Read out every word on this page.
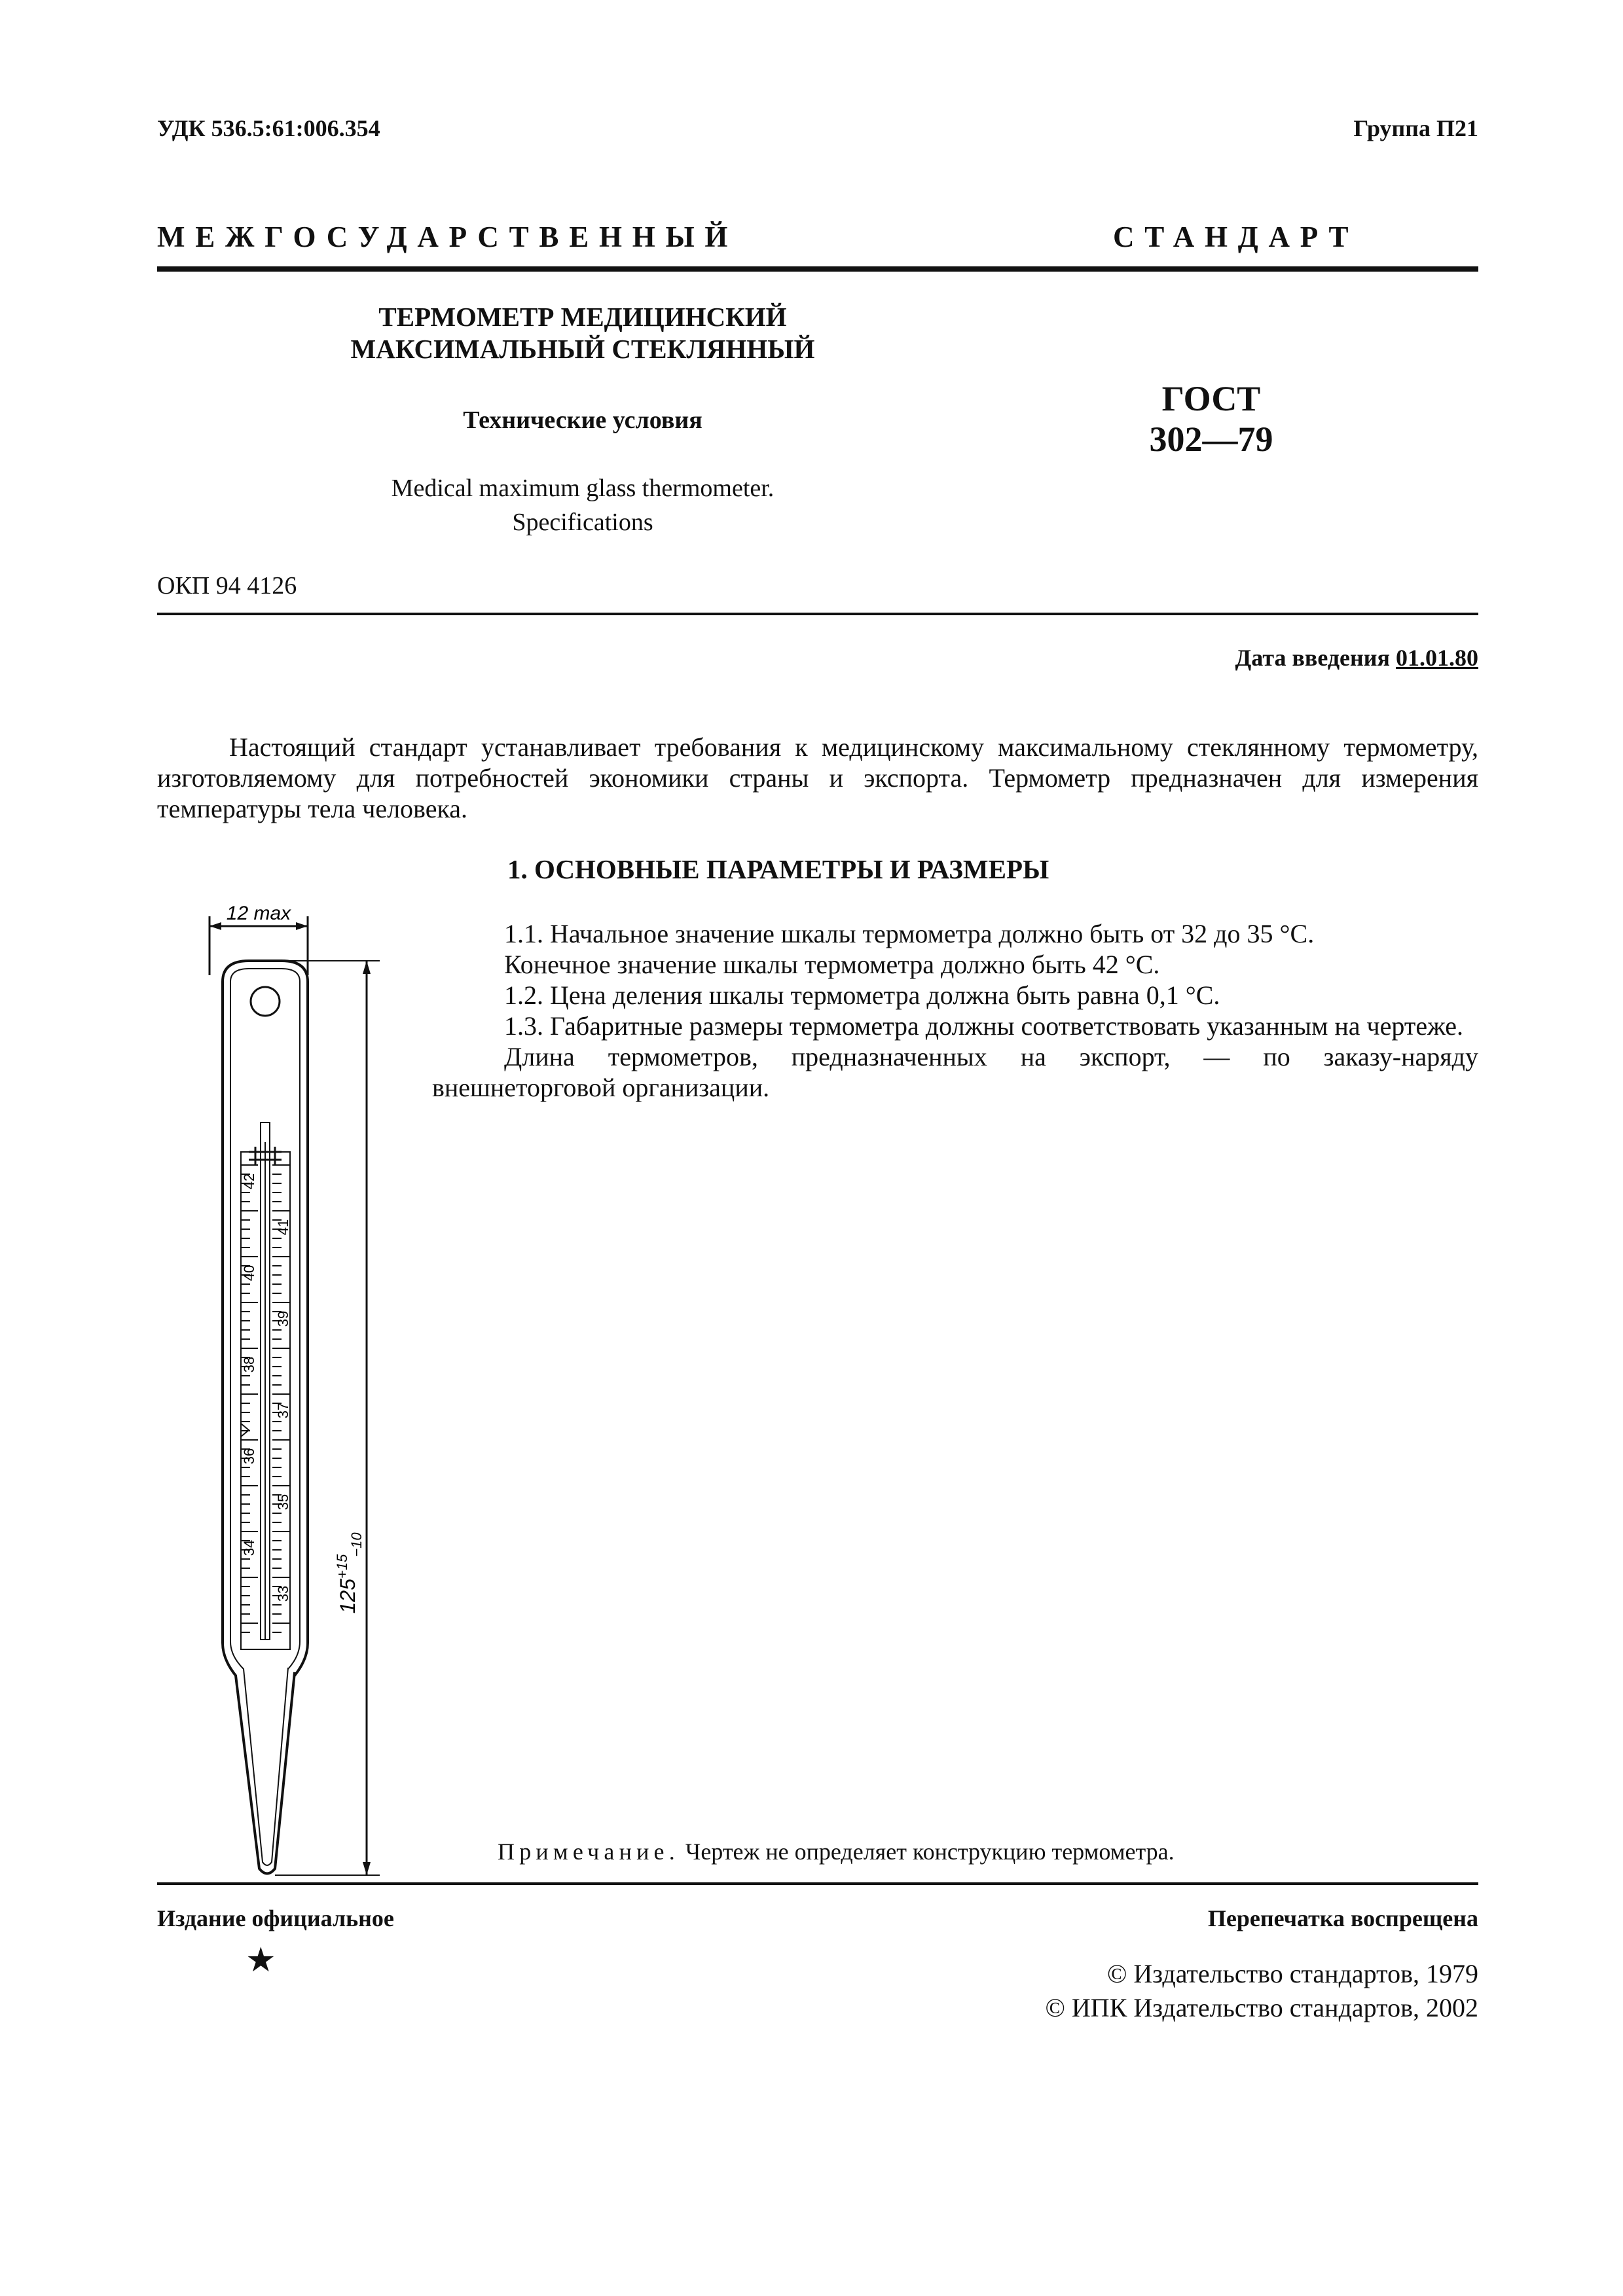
УДК 536.5:61:006.354	Группа П21
МЕЖГОСУДАРСТВЕННЫЙ	СТАНДАРТ
ТЕРМОМЕТР МЕДИЦИНСКИЙ
МАКСИМАЛЬНЫЙ СТЕКЛЯННЫЙ
Технические условия
Medical maximum glass thermometer.
Specifications
ГОСТ
302—79
ОКП 94 4126
Дата введения 01.01.80
Настоящий стандарт устанавливает требования к медицинскому максимальному стеклянному термометру, изготовляемому для потребностей экономики страны и экспорта. Термометр предназначен для измерения температуры тела человека.
1. ОСНОВНЫЕ ПАРАМЕТРЫ И РАЗМЕРЫ

1.1. Начальное значение шкалы термометра должно быть от 32 до 35 °С.

Конечное значение шкалы термометра должно быть 42 °С.

1.2. Цена деления шкалы термометра должна быть равна 0,1 °С.

1.3. Габаритные размеры термометра должны соответствовать указанным на чертеже.

Длина термометров, предназначенных на экспорт, — по заказу-наряду внешнеторговой организации.

12 max
42
40
38
36
34
41
39
37
35
33 $125^{+15}$
−10
Примечание. Чертеж не определяет конструкцию термометра.
Издание официальное	Перепечатка воспрещена
★	© Издательство стандартов, 1979
© ИПК Издательство стандартов, 2002
